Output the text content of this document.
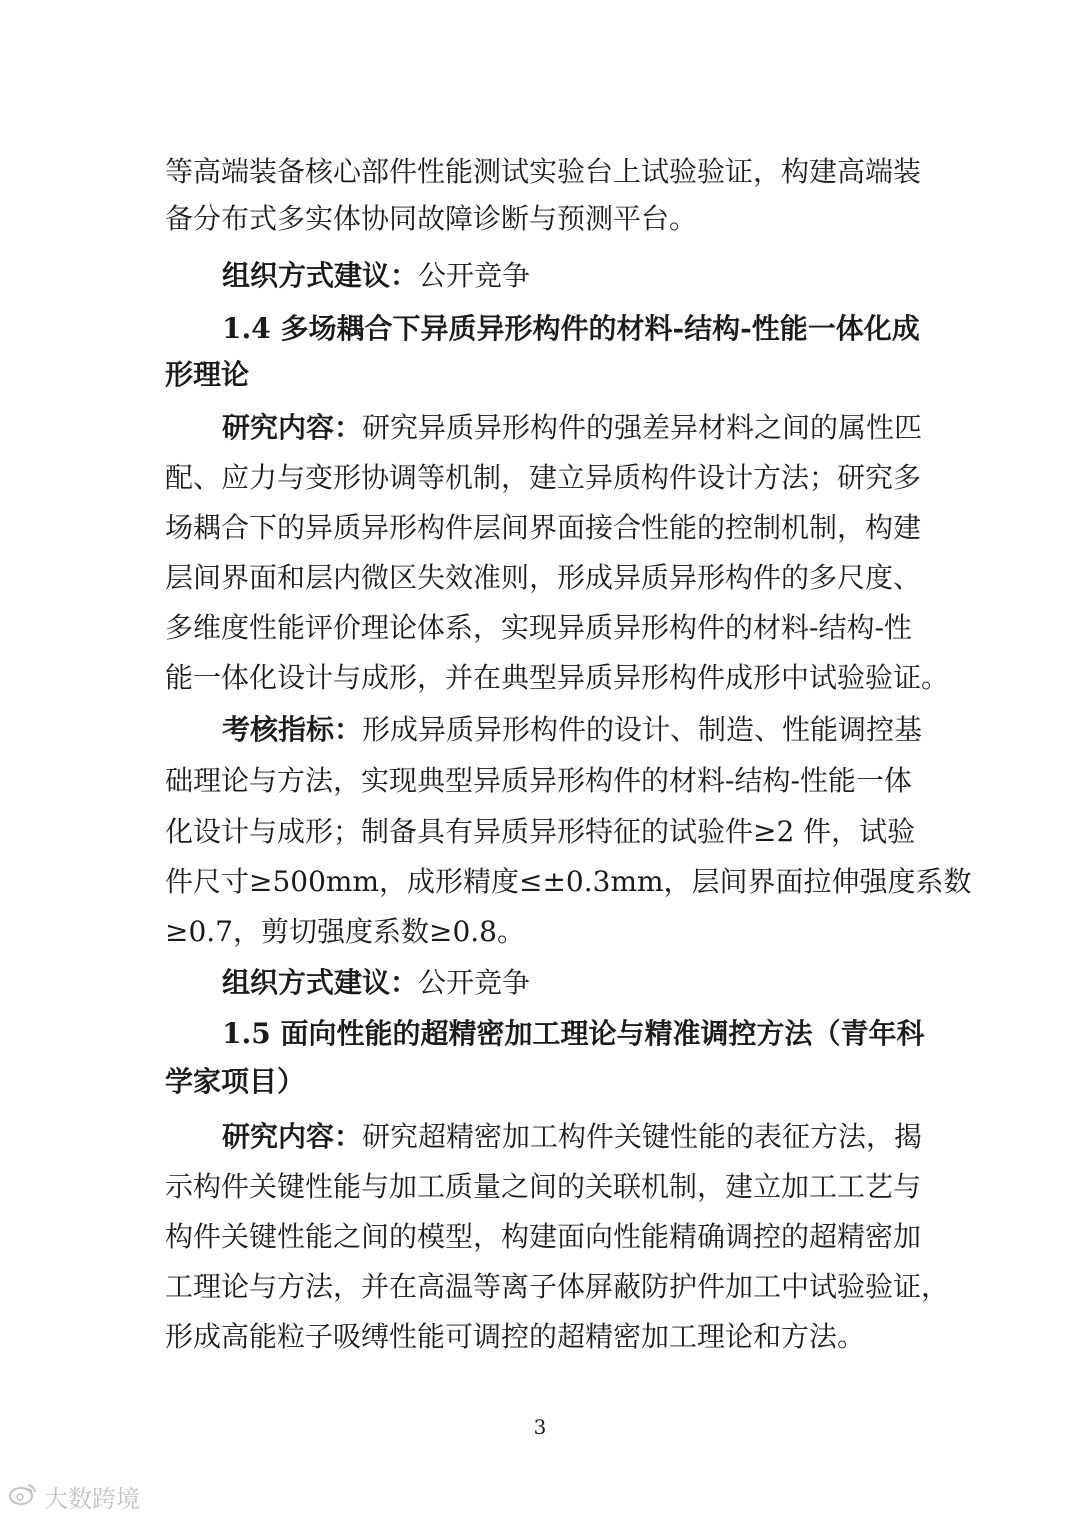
等高端装备核心部件性能测试实验台上试验验证，构建高端装
备分布式多实体协同故障诊断与预测平台。
组织方式建议：公开竞争
1.4 多场耦合下异质异形构件的材料-结构-性能一体化成
形理论
研究内容：研究异质异形构件的强差异材料之间的属性匹
配、应力与变形协调等机制，建立异质构件设计方法；研究多
场耦合下的异质异形构件层间界面接合性能的控制机制，构建
层间界面和层内微区失效准则，形成异质异形构件的多尺度、
多维度性能评价理论体系，实现异质异形构件的材料-结构-性
能一体化设计与成形，并在典型异质异形构件成形中试验验证。
考核指标：形成异质异形构件的设计、制造、性能调控基
础理论与方法，实现典型异质异形构件的材料-结构-性能一体
化设计与成形；制备具有异质异形特征的试验件≥2 件，试验
件尺寸≥500mm，成形精度≤±0.3mm，层间界面拉伸强度系数
≥0.7，剪切强度系数≥0.8。
组织方式建议：公开竞争
1.5 面向性能的超精密加工理论与精准调控方法（青年科
学家项目）
研究内容：研究超精密加工构件关键性能的表征方法，揭
示构件关键性能与加工质量之间的关联机制，建立加工工艺与
构件关键性能之间的模型，构建面向性能精确调控的超精密加
工理论与方法，并在高温等离子体屏蔽防护件加工中试验验证，
形成高能粒子吸缚性能可调控的超精密加工理论和方法。
3
大数跨境
